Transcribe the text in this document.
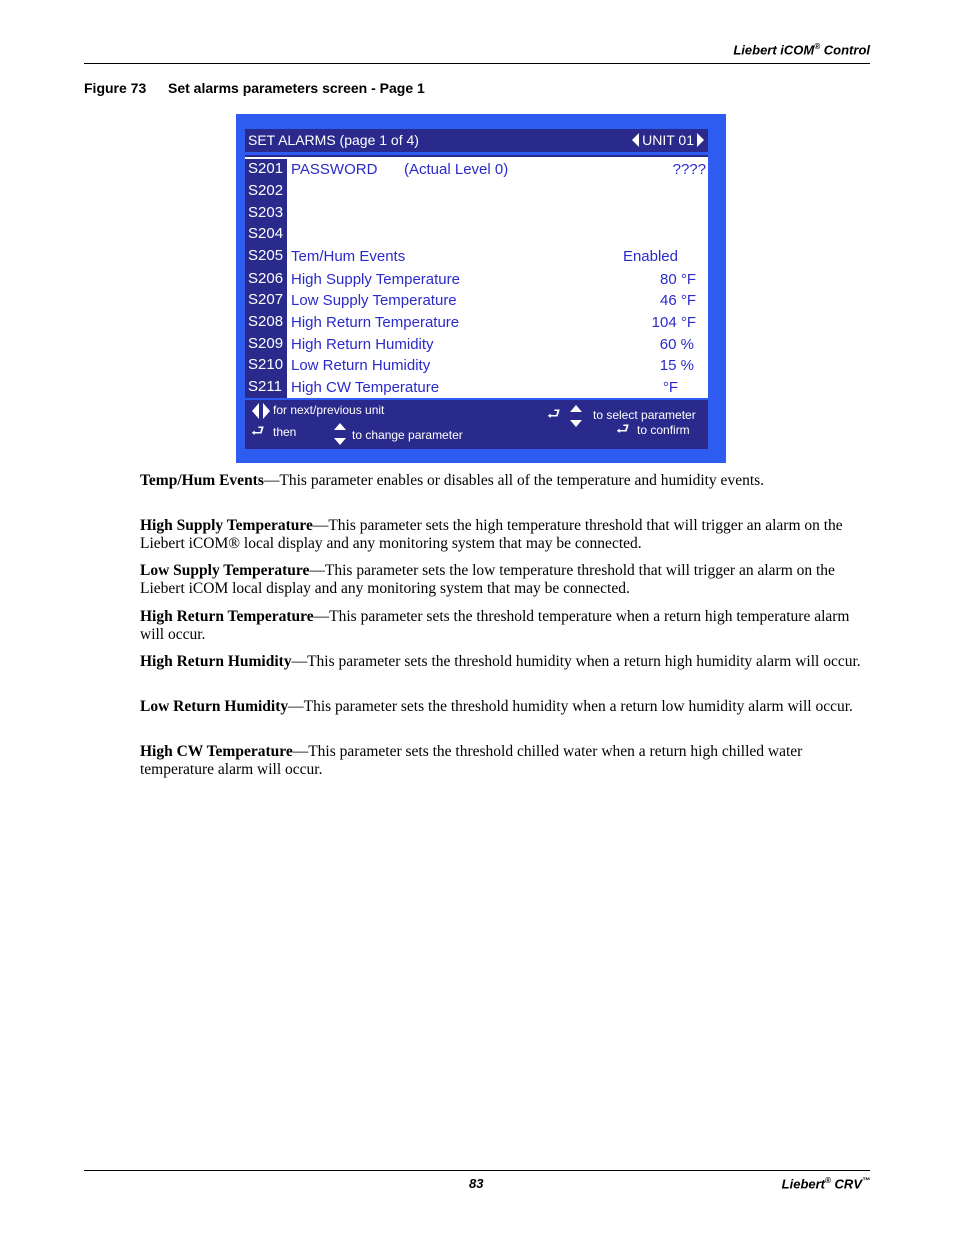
Liebert iCOM® Control
Figure 73 Set alarms parameters screen - Page 1
SET ALARMS (page 1 of 4)	UNIT 01
S201 PASSWORD (Actual Level 0)	????
S202
S203
S204
S205 Tem/Hum Events	Enabled
S206 High Supply Temperature	80 °F
S207 Low Supply Temperature	46 °F
S208 High Return Temperature	104 °F
S209 High Return Humidity	60 %
S210 Low Return Humidity	15 %
S211 High CW Temperature	°F
for next/previous unit
⮐ then	to change parameter
⮐	to select parameter
⮐ to confirm
Temp/Hum Events—This parameter enables or disables all of the temperature and humidity events.
High Supply Temperature—This parameter sets the high temperature threshold that will trigger an alarm on the Liebert iCOM® local display and any monitoring system that may be connected.
Low Supply Temperature—This parameter sets the low temperature threshold that will trigger an alarm on the Liebert iCOM local display and any monitoring system that may be connected.
High Return Temperature—This parameter sets the threshold temperature when a return high temperature alarm will occur.
High Return Humidity—This parameter sets the threshold humidity when a return high humidity alarm will occur.
Low Return Humidity—This parameter sets the threshold humidity when a return low humidity alarm will occur.
High CW Temperature—This parameter sets the threshold chilled water when a return high chilled water temperature alarm will occur.
83	Liebert® CRV™
